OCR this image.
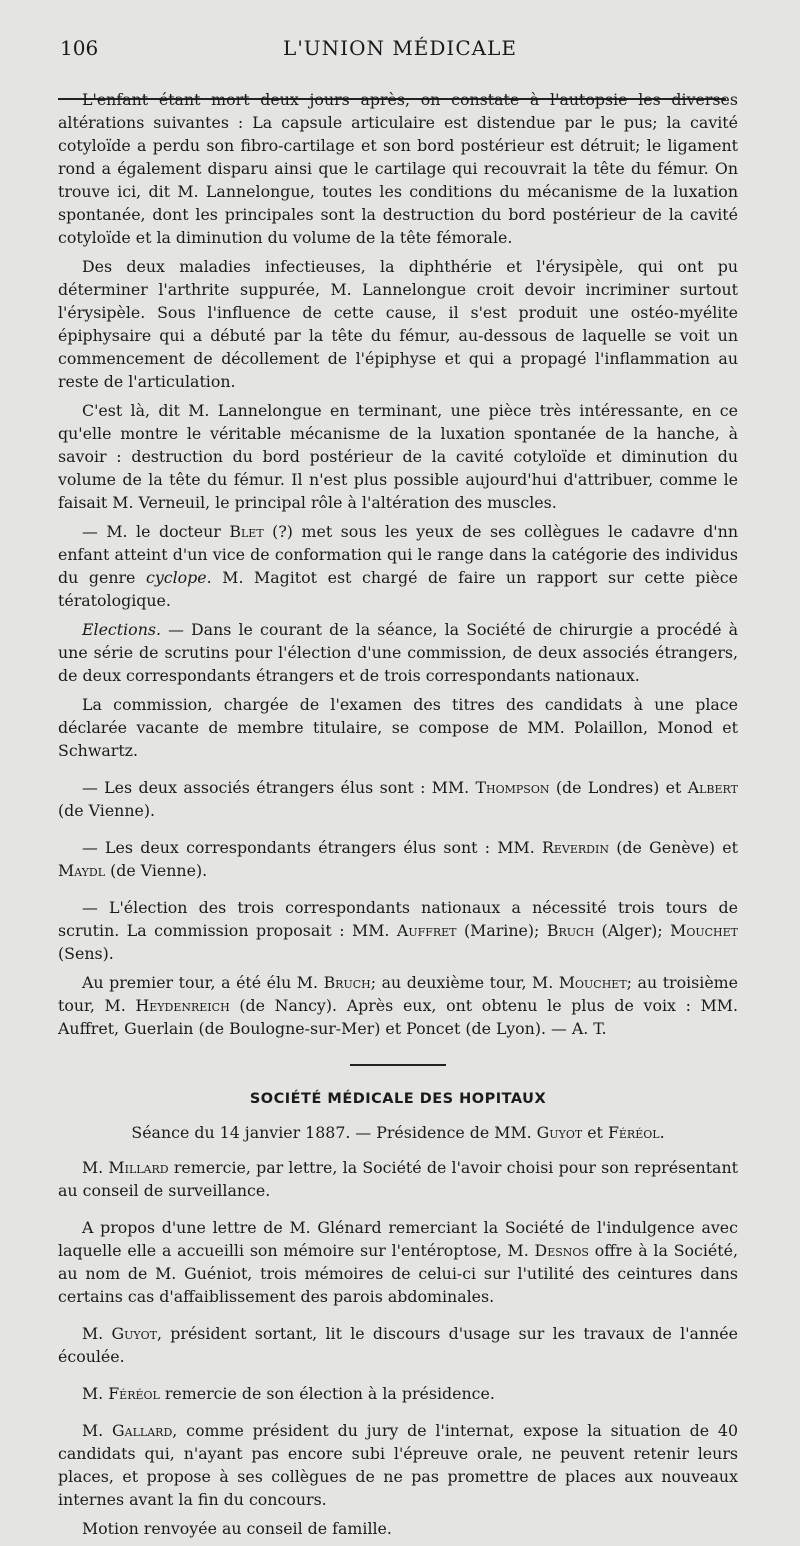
106	L'UNION MÉDICALE

L'enfant étant mort deux jours après, on constate à l'autopsie les diverses altérations suivantes : La capsule articulaire est distendue par le pus; la cavité cotyloïde a perdu son fibro-cartilage et son bord postérieur est détruit; le ligament rond a également disparu ainsi que le cartilage qui recouvrait la tête du fémur. On trouve ici, dit M. Lannelongue, toutes les conditions du mécanisme de la luxation spontanée, dont les principales sont la destruction du bord postérieur de la cavité cotyloïde et la diminution du volume de la tête fémorale.

Des deux maladies infectieuses, la diphthérie et l'érysipèle, qui ont pu déterminer l'arthrite suppurée, M. Lannelongue croit devoir incriminer surtout l'érysipèle. Sous l'influence de cette cause, il s'est produit une ostéo-myélite épiphysaire qui a débuté par la tête du fémur, au-dessous de laquelle se voit un commencement de décollement de l'épiphyse et qui a propagé l'inflammation au reste de l'articulation.

C'est là, dit M. Lannelongue en terminant, une pièce très intéressante, en ce qu'elle montre le véritable mécanisme de la luxation spontanée de la hanche, à savoir : destruction du bord postérieur de la cavité cotyloïde et diminution du volume de la tête du fémur. Il n'est plus possible aujourd'hui d'attribuer, comme le faisait M. Verneuil, le principal rôle à l'altération des muscles.

— M. le docteur Blet (?) met sous les yeux de ses collègues le cadavre d'nn enfant atteint d'un vice de conformation qui le range dans la catégorie des individus du genre cyclope. M. Magitot est chargé de faire un rapport sur cette pièce tératologique.

Elections. — Dans le courant de la séance, la Société de chirurgie a procédé à une série de scrutins pour l'élection d'une commission, de deux associés étrangers, de deux correspondants étrangers et de trois correspondants nationaux.

La commission, chargée de l'examen des titres des candidats à une place déclarée vacante de membre titulaire, se compose de MM. Polaillon, Monod et Schwartz.

— Les deux associés étrangers élus sont : MM. Thompson (de Londres) et Albert (de Vienne).

— Les deux correspondants étrangers élus sont : MM. Reverdin (de Genève) et Maydl (de Vienne).

— L'élection des trois correspondants nationaux a nécessité trois tours de scrutin. La commission proposait : MM. Auffret (Marine); Bruch (Alger); Mouchet (Sens).

Au premier tour, a été élu M. Bruch; au deuxième tour, M. Mouchet; au troisième tour, M. Heydenreich (de Nancy). Après eux, ont obtenu le plus de voix : MM. Auffret, Guerlain (de Boulogne-sur-Mer) et Poncet (de Lyon). — A. T.

SOCIÉTÉ MÉDICALE DES HOPITAUX
Séance du 14 janvier 1887. — Présidence de MM. Guyot et Féréol.

M. Millard remercie, par lettre, la Société de l'avoir choisi pour son représentant au conseil de surveillance.

A propos d'une lettre de M. Glénard remerciant la Société de l'indulgence avec laquelle elle a accueilli son mémoire sur l'entéroptose, M. Desnos offre à la Société, au nom de M. Guéniot, trois mémoires de celui-ci sur l'utilité des ceintures dans certains cas d'affaiblissement des parois abdominales.

M. Guyot, président sortant, lit le discours d'usage sur les travaux de l'année écoulée.

M. Féréol remercie de son élection à la présidence.

M. Gallard, comme président du jury de l'internat, expose la situation de 40 candidats qui, n'ayant pas encore subi l'épreuve orale, ne peuvent retenir leurs places, et propose à ses collègues de ne pas promettre de places aux nouveaux internes avant la fin du concours.

Motion renvoyée au conseil de famille.
